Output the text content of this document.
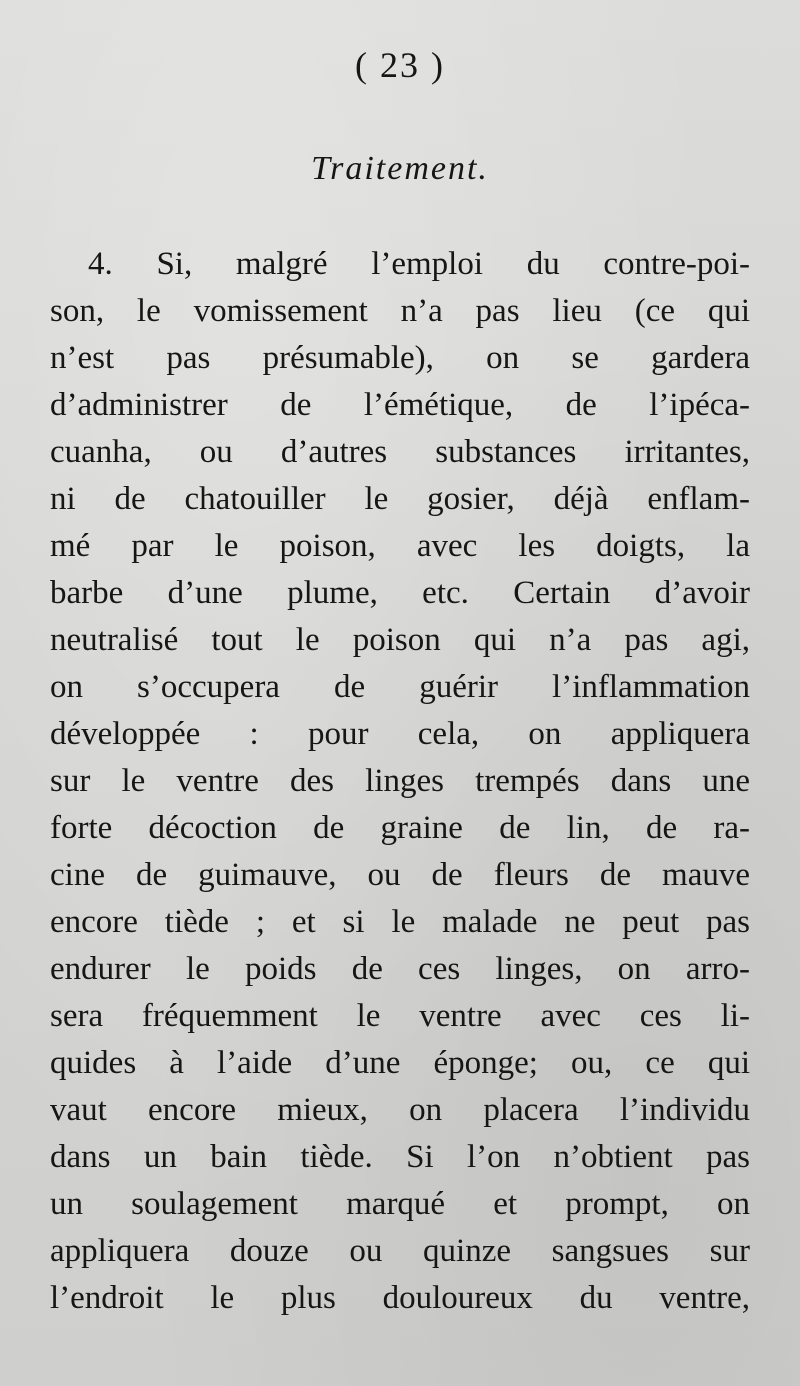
( 23 )
Traitement.
4. Si, malgré l’emploi du contre-poi-
son, le vomissement n’a pas lieu (ce qui
n’est pas présumable), on se gardera
d’administrer de l’émétique, de l’ipéca-
cuanha, ou d’autres substances irritantes,
ni de chatouiller le gosier, déjà enflam-
mé par le poison, avec les doigts, la
barbe d’une plume, etc. Certain d’avoir
neutralisé tout le poison qui n’a pas agi,
on s’occupera de guérir l’inflammation
développée : pour cela, on appliquera
sur le ventre des linges trempés dans une
forte décoction de graine de lin, de ra-
cine de guimauve, ou de fleurs de mauve
encore tiède ; et si le malade ne peut pas
endurer le poids de ces linges, on arro-
sera fréquemment le ventre avec ces li-
quides à l’aide d’une éponge; ou, ce qui
vaut encore mieux, on placera l’individu
dans un bain tiède. Si l’on n’obtient pas
un soulagement marqué et prompt, on
appliquera douze ou quinze sangsues sur
l’endroit le plus douloureux du ventre,
